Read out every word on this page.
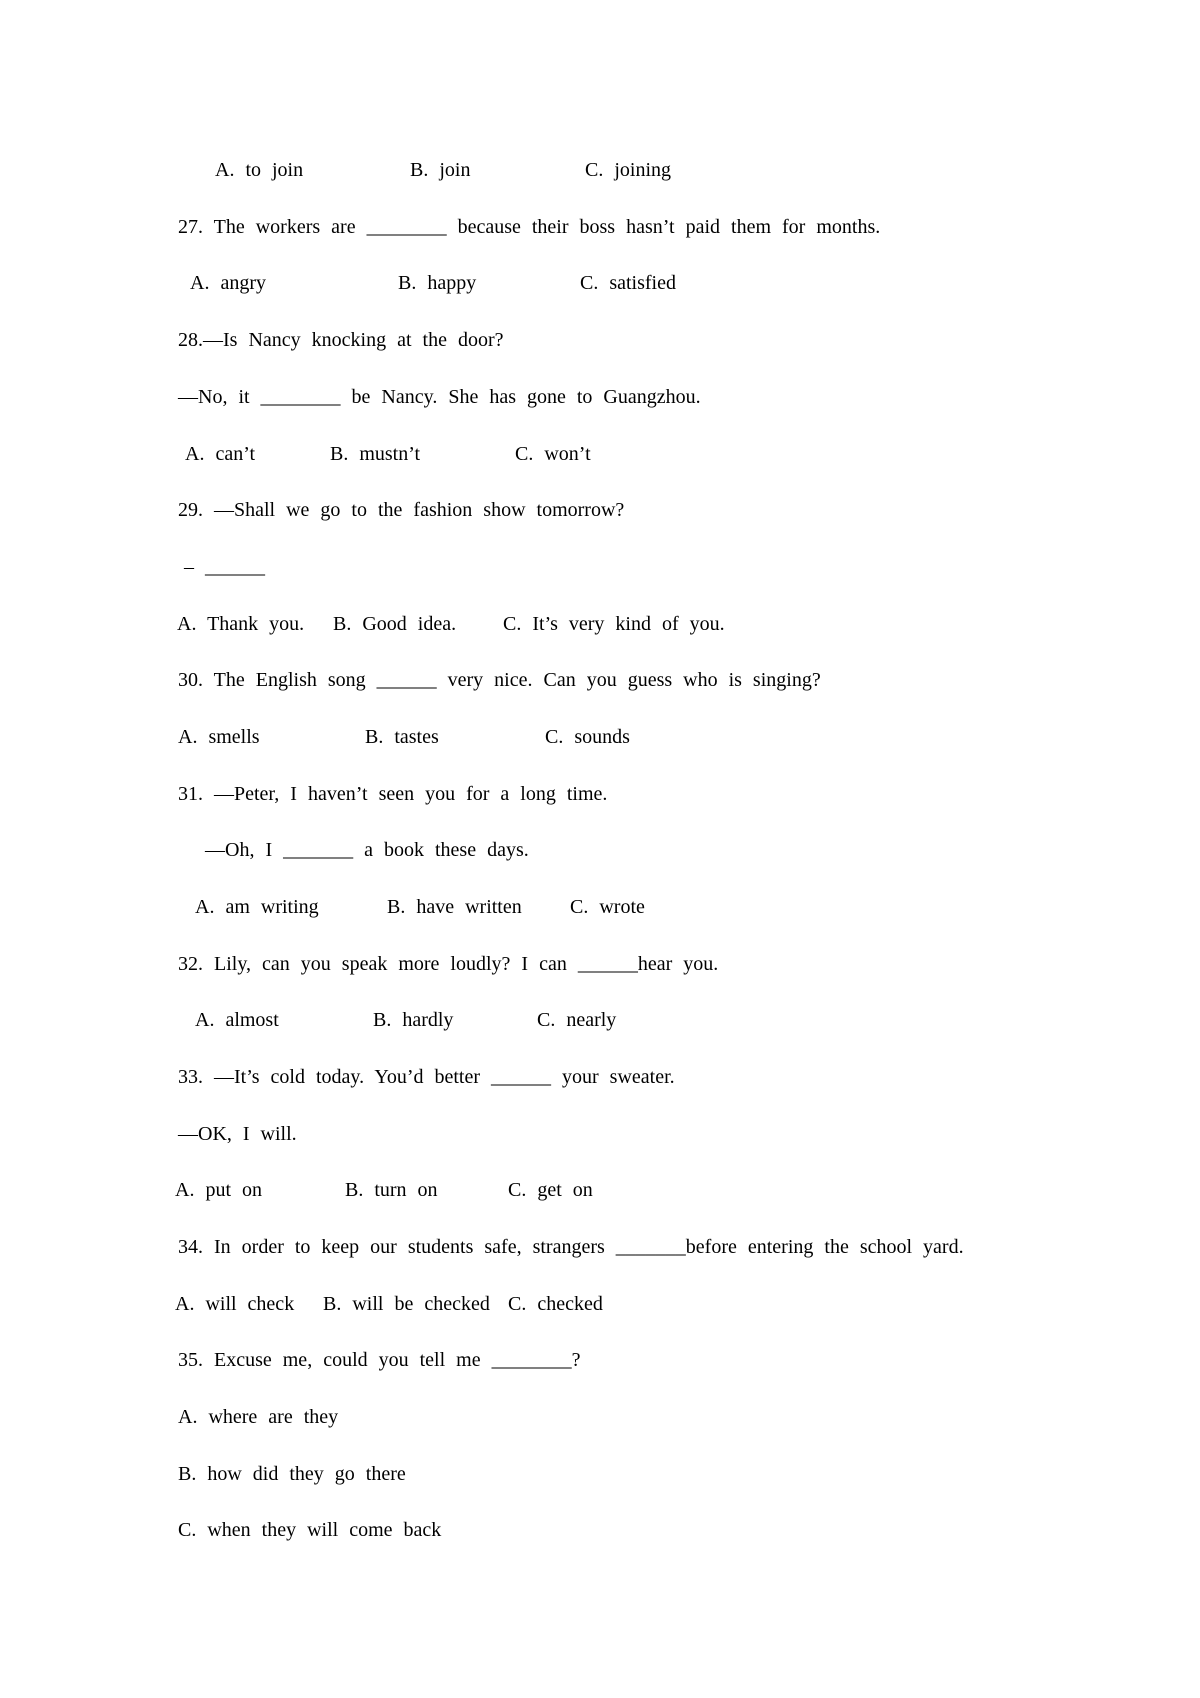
A. to join	B. join	C. joining
27. The workers are ________ because their boss hasn’t paid them for months.
A. angry	B. happy	C. satisfied
28.—Is Nancy knocking at the door?
—No, it ________ be Nancy. She has gone to Guangzhou.
A. can’t	B. mustn’t	C. won’t
29. —Shall we go to the fashion show tomorrow?
– ______
A. Thank you. B. Good idea. C. It’s very kind of you.
30. The English song ______ very nice. Can you guess who is singing?
A. smells	B. tastes	C. sounds
31. —Peter, I haven’t seen you for a long time.
—Oh, I _______ a book these days.
A. am writing	B. have written C. wrote
32. Lily, can you speak more loudly? I can ______hear you.
A. almost	B. hardly	C. nearly
33. —It’s cold today. You’d better ______ your sweater.
—OK, I will.
A. put on	B. turn on	C. get on
34. In order to keep our students safe, strangers _______before entering the school yard.
A. will check B. will be checked C. checked
35. Excuse me, could you tell me ________?
A. where are they
B. how did they go there
C. when they will come back
